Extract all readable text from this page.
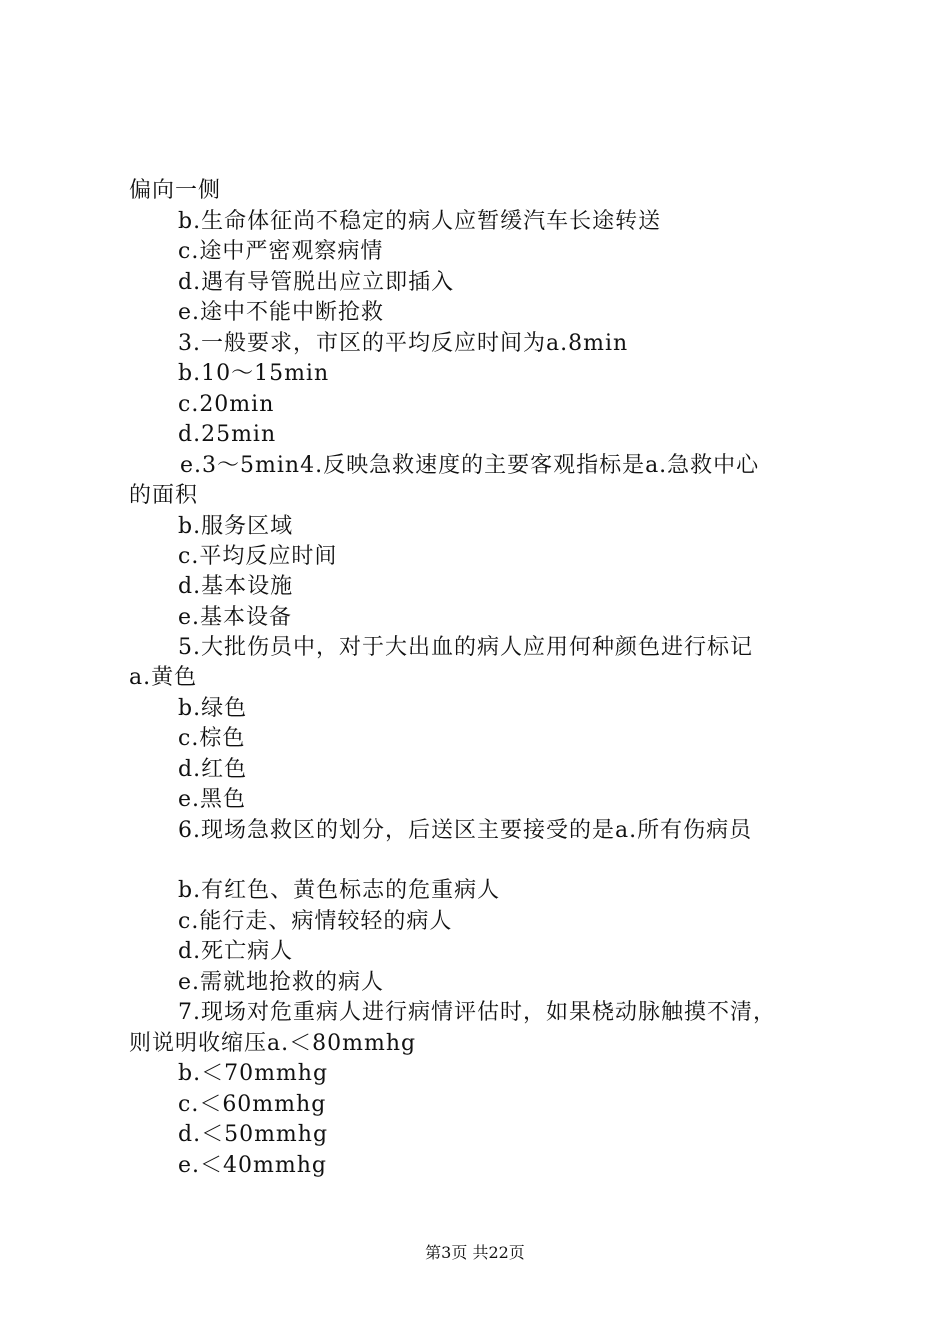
偏向一侧
b.生命体征尚不稳定的病人应暂缓汽车长途转送
c.途中严密观察病情
d.遇有导管脱出应立即插入
e.途中不能中断抢救
3.一般要求，市区的平均反应时间为a.8min
b.10～15min
c.20min
d.25min
e.3～5min4.反映急救速度的主要客观指标是a.急救中心
的面积
b.服务区域
c.平均反应时间
d.基本设施
e.基本设备
5.大批伤员中，对于大出血的病人应用何种颜色进行标记
a.黄色
b.绿色
c.棕色
d.红色
e.黑色
6.现场急救区的划分，后送区主要接受的是a.所有伤病员
b.有红色、黄色标志的危重病人
c.能行走、病情较轻的病人
d.死亡病人
e.需就地抢救的病人
7.现场对危重病人进行病情评估时，如果桡动脉触摸不清，
则说明收缩压a.＜80mmhg
b.＜70mmhg
c.＜60mmhg
d.＜50mmhg
e.＜40mmhg
第3页 共22页
